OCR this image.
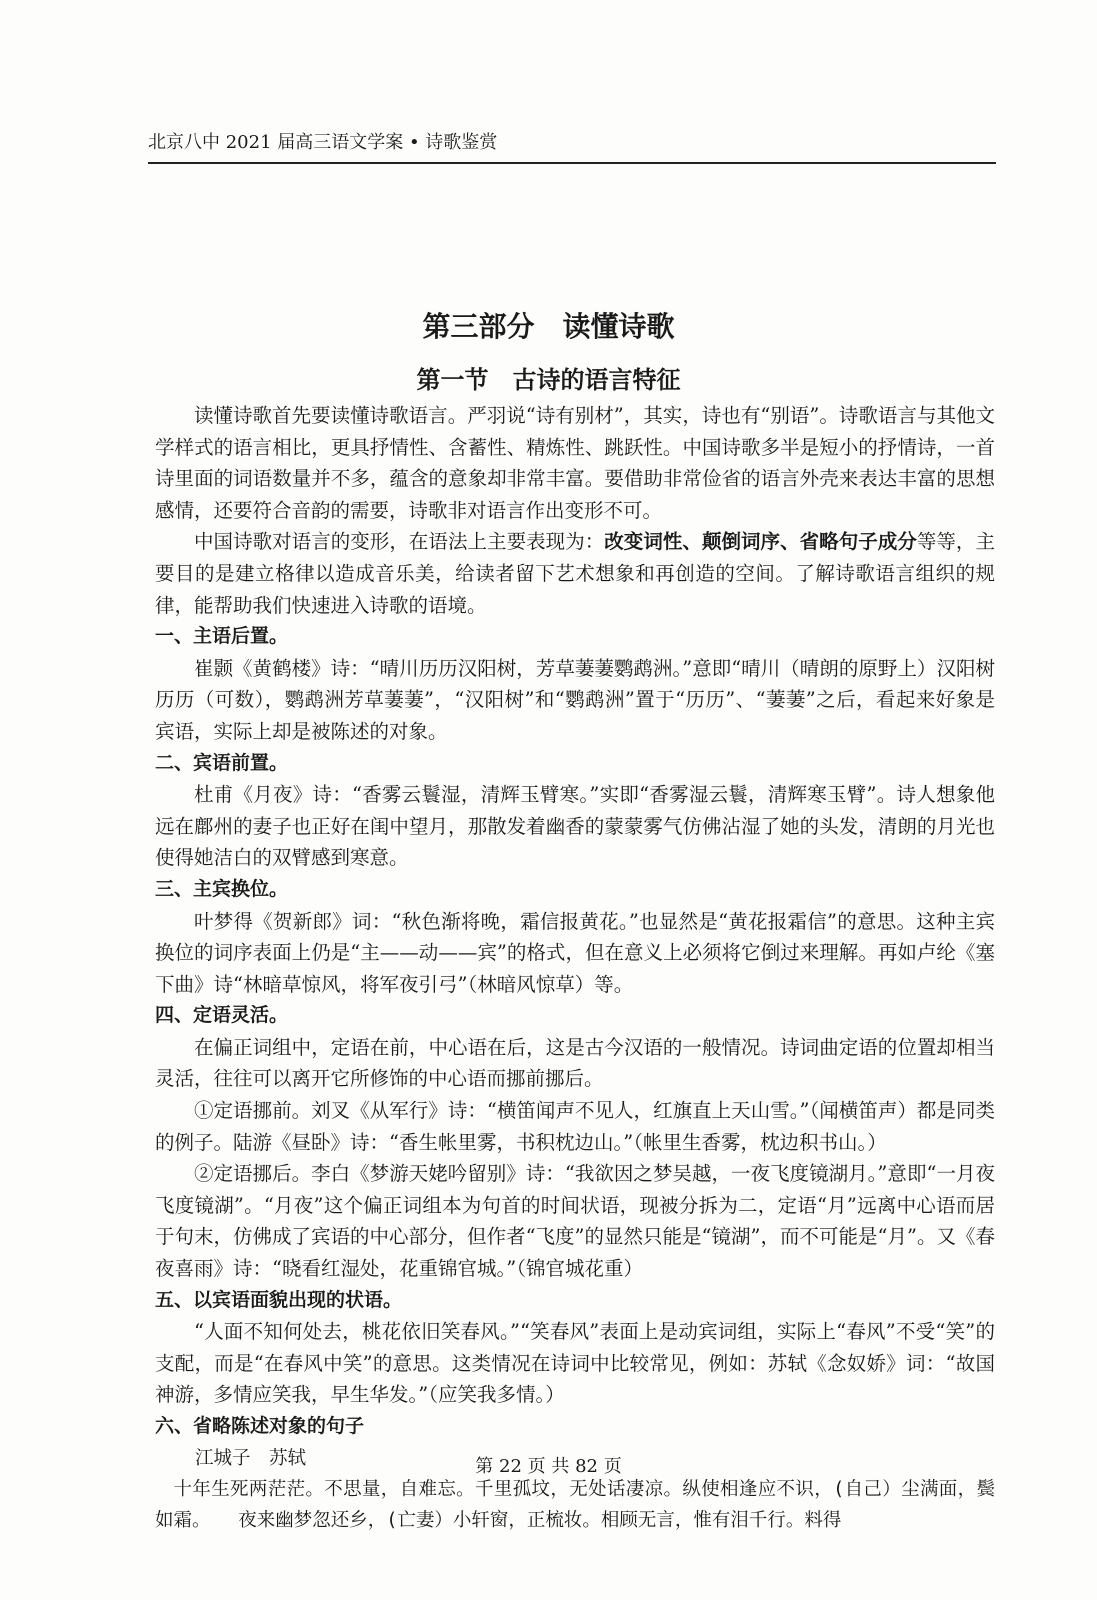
北京八中 2021 届高三语文学案 • 诗歌鉴赏
第三部分　读懂诗歌
第一节　古诗的语言特征

读懂诗歌首先要读懂诗歌语言。严羽说“诗有别材”，其实，诗也有“别语”。诗歌语言与其他文学样式的语言相比，更具抒情性、含蓄性、精炼性、跳跃性。中国诗歌多半是短小的抒情诗，一首诗里面的词语数量并不多，蕴含的意象却非常丰富。要借助非常俭省的语言外壳来表达丰富的思想感情，还要符合音韵的需要，诗歌非对语言作出变形不可。

中国诗歌对语言的变形，在语法上主要表现为：改变词性、颠倒词序、省略句子成分等等，主要目的是建立格律以造成音乐美，给读者留下艺术想象和再创造的空间。了解诗歌语言组织的规律，能帮助我们快速进入诗歌的语境。

一、主语后置。

崔颢《黄鹤楼》诗：“晴川历历汉阳树，芳草萋萋鹦鹉洲。”意即“晴川（晴朗的原野上）汉阳树历历（可数），鹦鹉洲芳草萋萋”，“汉阳树”和“鹦鹉洲”置于“历历”、“萋萋”之后，看起来好象是宾语，实际上却是被陈述的对象。

二、宾语前置。

杜甫《月夜》诗：“香雾云鬟湿，清辉玉臂寒。”实即“香雾湿云鬟，清辉寒玉臂”。诗人想象他远在鄜州的妻子也正好在闺中望月，那散发着幽香的蒙蒙雾气仿佛沾湿了她的头发，清朗的月光也使得她洁白的双臂感到寒意。

三、主宾换位。

叶梦得《贺新郎》词：“秋色渐将晚，霜信报黄花。”也显然是“黄花报霜信”的意思。这种主宾换位的词序表面上仍是“主——动——宾”的格式，但在意义上必须将它倒过来理解。再如卢纶《塞下曲》诗“林暗草惊风，将军夜引弓”（林暗风惊草）等。

四、定语灵活。

在偏正词组中，定语在前，中心语在后，这是古今汉语的一般情况。诗词曲定语的位置却相当灵活，往往可以离开它所修饰的中心语而挪前挪后。

①定语挪前。刘叉《从军行》诗：“横笛闻声不见人，红旗直上天山雪。”（闻横笛声）都是同类的例子。陆游《昼卧》诗：“香生帐里雾，书积枕边山。”（帐里生香雾，枕边积书山。）

②定语挪后。李白《梦游天姥吟留别》诗：“我欲因之梦吴越，一夜飞度镜湖月。”意即“一月夜飞度镜湖”。“月夜”这个偏正词组本为句首的时间状语，现被分拆为二，定语“月”远离中心语而居于句末，仿佛成了宾语的中心部分，但作者“飞度”的显然只能是“镜湖”，而不可能是“月”。又《春夜喜雨》诗：“晓看红湿处，花重锦官城。”（锦官城花重）

五、以宾语面貌出现的状语。

“人面不知何处去，桃花依旧笑春风。”“笑春风”表面上是动宾词组，实际上“春风”不受“笑”的支配，而是“在春风中笑”的意思。这类情况在诗词中比较常见，例如：苏轼《念奴娇》词：“故国神游，多情应笑我，早生华发。”（应笑我多情。）

六、省略陈述对象的句子

江城子　苏轼

十年生死两茫茫。不思量，自难忘。千里孤坟，无处话凄凉。纵使相逢应不识，(自己）尘满面，鬓如霜。　　夜来幽梦忽还乡，(亡妻）小轩窗，正梳妆。相顾无言，惟有泪千行。料得

第 22 页 共 82 页
